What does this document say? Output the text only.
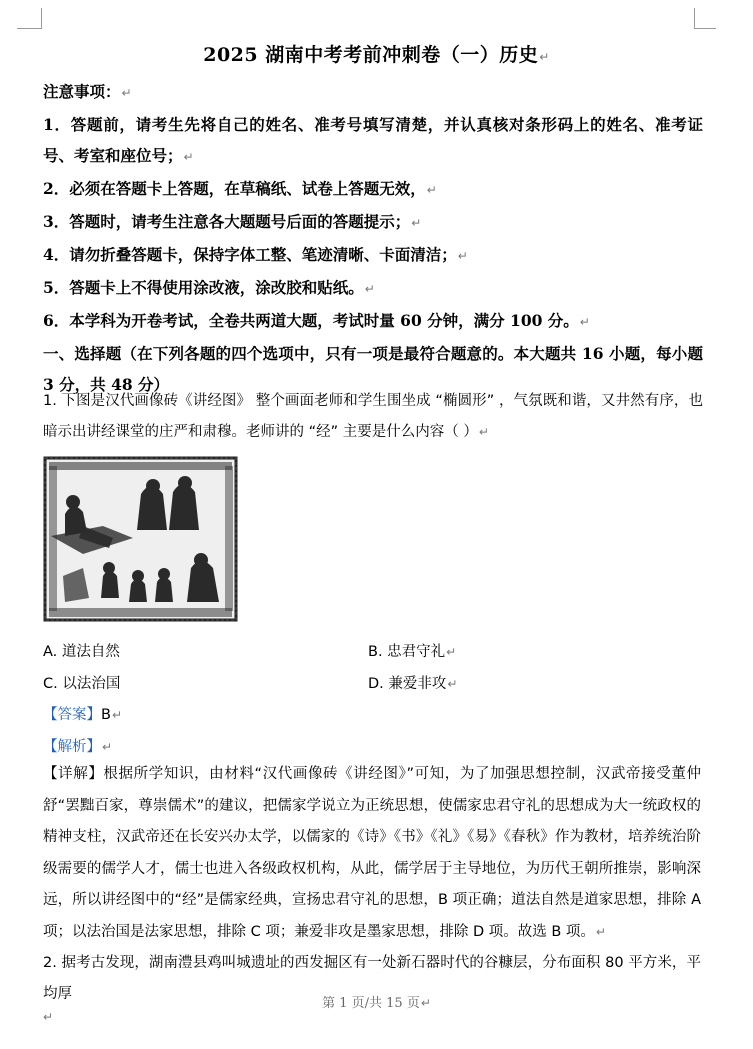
2025 湖南中考考前冲刺卷（一）历史↵
注意事项：↵
1．答题前，请考生先将自己的姓名、准考号填写清楚，并认真核对条形码上的姓名、准考证号、考室和座位号；↵
2．必须在答题卡上答题，在草稿纸、试卷上答题无效，↵
3．答题时，请考生注意各大题题号后面的答题提示；↵
4．请勿折叠答题卡，保持字体工整、笔迹清晰、卡面清洁；↵
5．答题卡上不得使用涂改液，涂改胶和贴纸。↵
6．本学科为开卷考试，全卷共两道大题，考试时量 60 分钟，满分 100 分。↵
一、选择题（在下列各题的四个选项中，只有一项是最符合题意的。本大题共 16 小题，每小题 3 分，共 48 分）
1. 下图是汉代画像砖《讲经图》 整个画面老师和学生围坐成 “椭圆形” ，气氛既和谐，又井然有序，也暗示出讲经课堂的庄严和肃穆。老师讲的 “经” 主要是什么内容（ ）↵
A. 道法自然	B. 忠君守礼↵
C. 以法治国	D. 兼爱非攻↵
【答案】B↵
【解析】↵
【详解】根据所学知识，由材料“汉代画像砖《讲经图》”可知，为了加强思想控制，汉武帝接受董仲舒“罢黜百家，尊崇儒术”的建议，把儒家学说立为正统思想，使儒家忠君守礼的思想成为大一统政权的精神支柱，汉武帝还在长安兴办太学，以儒家的《诗》《书》《礼》《易》《春秋》作为教材，培养统治阶级需要的儒学人才，儒士也进入各级政权机构，从此，儒学居于主导地位，为历代王朝所推崇，影响深远，所以讲经图中的“经”是儒家经典，宣扬忠君守礼的思想，B 项正确；道法自然是道家思想，排除 A 项；以法治国是法家思想，排除 C 项；兼爱非攻是墨家思想，排除 D 项。故选 B 项。↵
2. 据考古发现，湖南澧县鸡叫城遗址的西发掘区有一处新石器时代的谷糠层，分布面积 80 平方米，平均厚
第 1 页/共 15 页↵
↵
